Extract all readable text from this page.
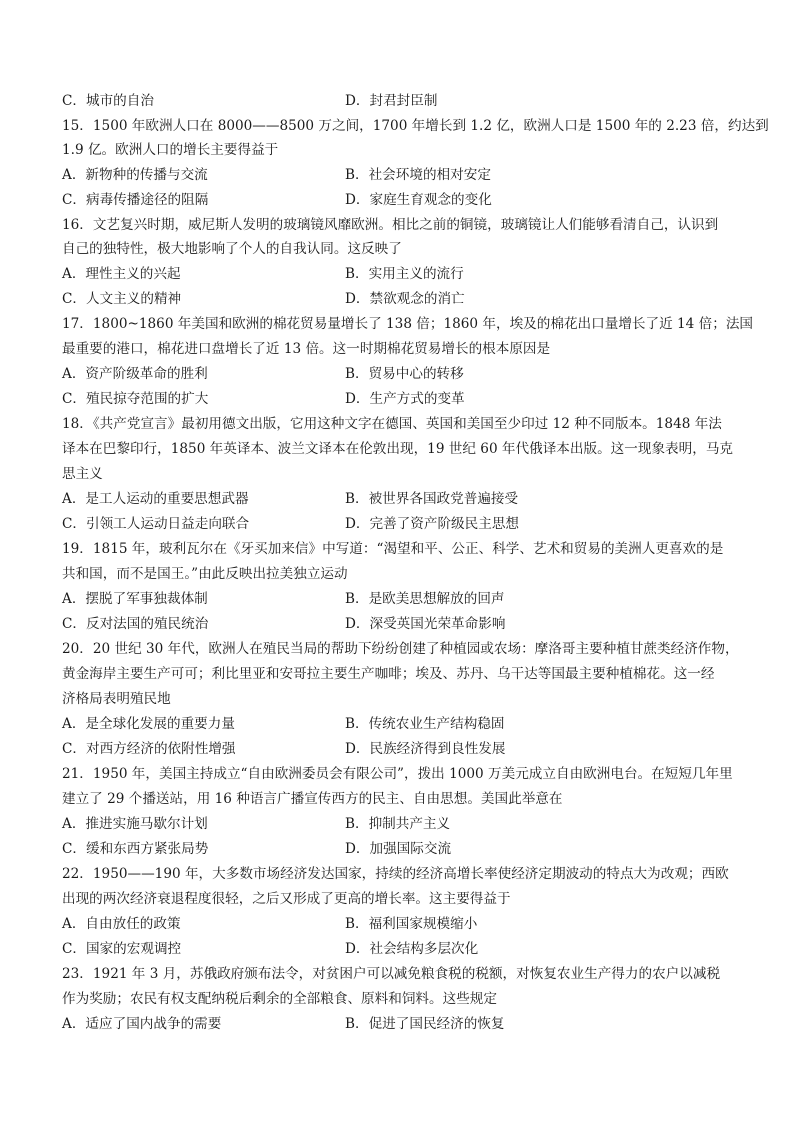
C．城市的自治	D．封君封臣制
15．1500 年欧洲人口在 8000——8500 万之间，1700 年增长到 1.2 亿，欧洲人口是 1500 年的 2.23 倍，约达到
1.9 亿。欧洲人口的增长主要得益于
A．新物种的传播与交流	B．社会环境的相对安定
C．病毒传播途径的阻隔	D．家庭生育观念的变化
16．文艺复兴时期，威尼斯人发明的玻璃镜风靡欧洲。相比之前的铜镜，玻璃镜让人们能够看清自己，认识到
自己的独特性，极大地影响了个人的自我认同。这反映了
A．理性主义的兴起	B．实用主义的流行
C．人文主义的精神	D．禁欲观念的消亡
17．1800~1860 年美国和欧洲的棉花贸易量增长了 138 倍；1860 年，埃及的棉花出口量增长了近 14 倍；法国
最重要的港口，棉花进口盘增长了近 13 倍。这一时期棉花贸易增长的根本原因是
A．资产阶级革命的胜利	B．贸易中心的转移
C．殖民掠夺范围的扩大	D．生产方式的变革
18．《共产党宣言》最初用德文出版，它用这种文字在德国、英国和美国至少印过 12 种不同版本。1848 年法
译本在巴黎印行，1850 年英译本、波兰文译本在伦敦出现，19 世纪 60 年代俄译本出版。这一现象表明，马克
思主义
A．是工人运动的重要思想武器	B．被世界各国政党普遍接受
C．引领工人运动日益走向联合	D．完善了资产阶级民主思想
19．1815 年，玻利瓦尔在《牙买加来信》中写道：“渴望和平、公正、科学、艺术和贸易的美洲人更喜欢的是
共和国，而不是国王。”由此反映出拉美独立运动
A．摆脱了军事独裁体制	B．是欧美思想解放的回声
C．反对法国的殖民统治	D．深受英国光荣革命影响
20．20 世纪 30 年代，欧洲人在殖民当局的帮助下纷纷创建了种植园或农场：摩洛哥主要种植甘蔗类经济作物，
黄金海岸主要生产可可；利比里亚和安哥拉主要生产咖啡；埃及、苏丹、乌干达等国最主要种植棉花。这一经
济格局表明殖民地
A．是全球化发展的重要力量	B．传统农业生产结构稳固
C．对西方经济的依附性增强	D．民族经济得到良性发展
21．1950 年，美国主持成立“自由欧洲委员会有限公司”，拨出 1000 万美元成立自由欧洲电台。在短短几年里
建立了 29 个播送站，用 16 种语言广播宣传西方的民主、自由思想。美国此举意在
A．推进实施马歇尔计划	B．抑制共产主义
C．缓和东西方紧张局势	D．加强国际交流
22．1950——190 年，大多数市场经济发达国家，持续的经济高增长率使经济定期波动的特点大为改观；西欧
出现的两次经济衰退程度很轻，之后又形成了更高的增长率。这主要得益于
A．自由放任的政策	B．福利国家规模缩小
C．国家的宏观调控	D．社会结构多层次化
23．1921 年 3 月，苏俄政府颁布法令，对贫困户可以减免粮食税的税额，对恢复农业生产得力的农户以减税
作为奖励；农民有权支配纳税后剩余的全部粮食、原料和饲料。这些规定
A．适应了国内战争的需要	B．促进了国民经济的恢复
